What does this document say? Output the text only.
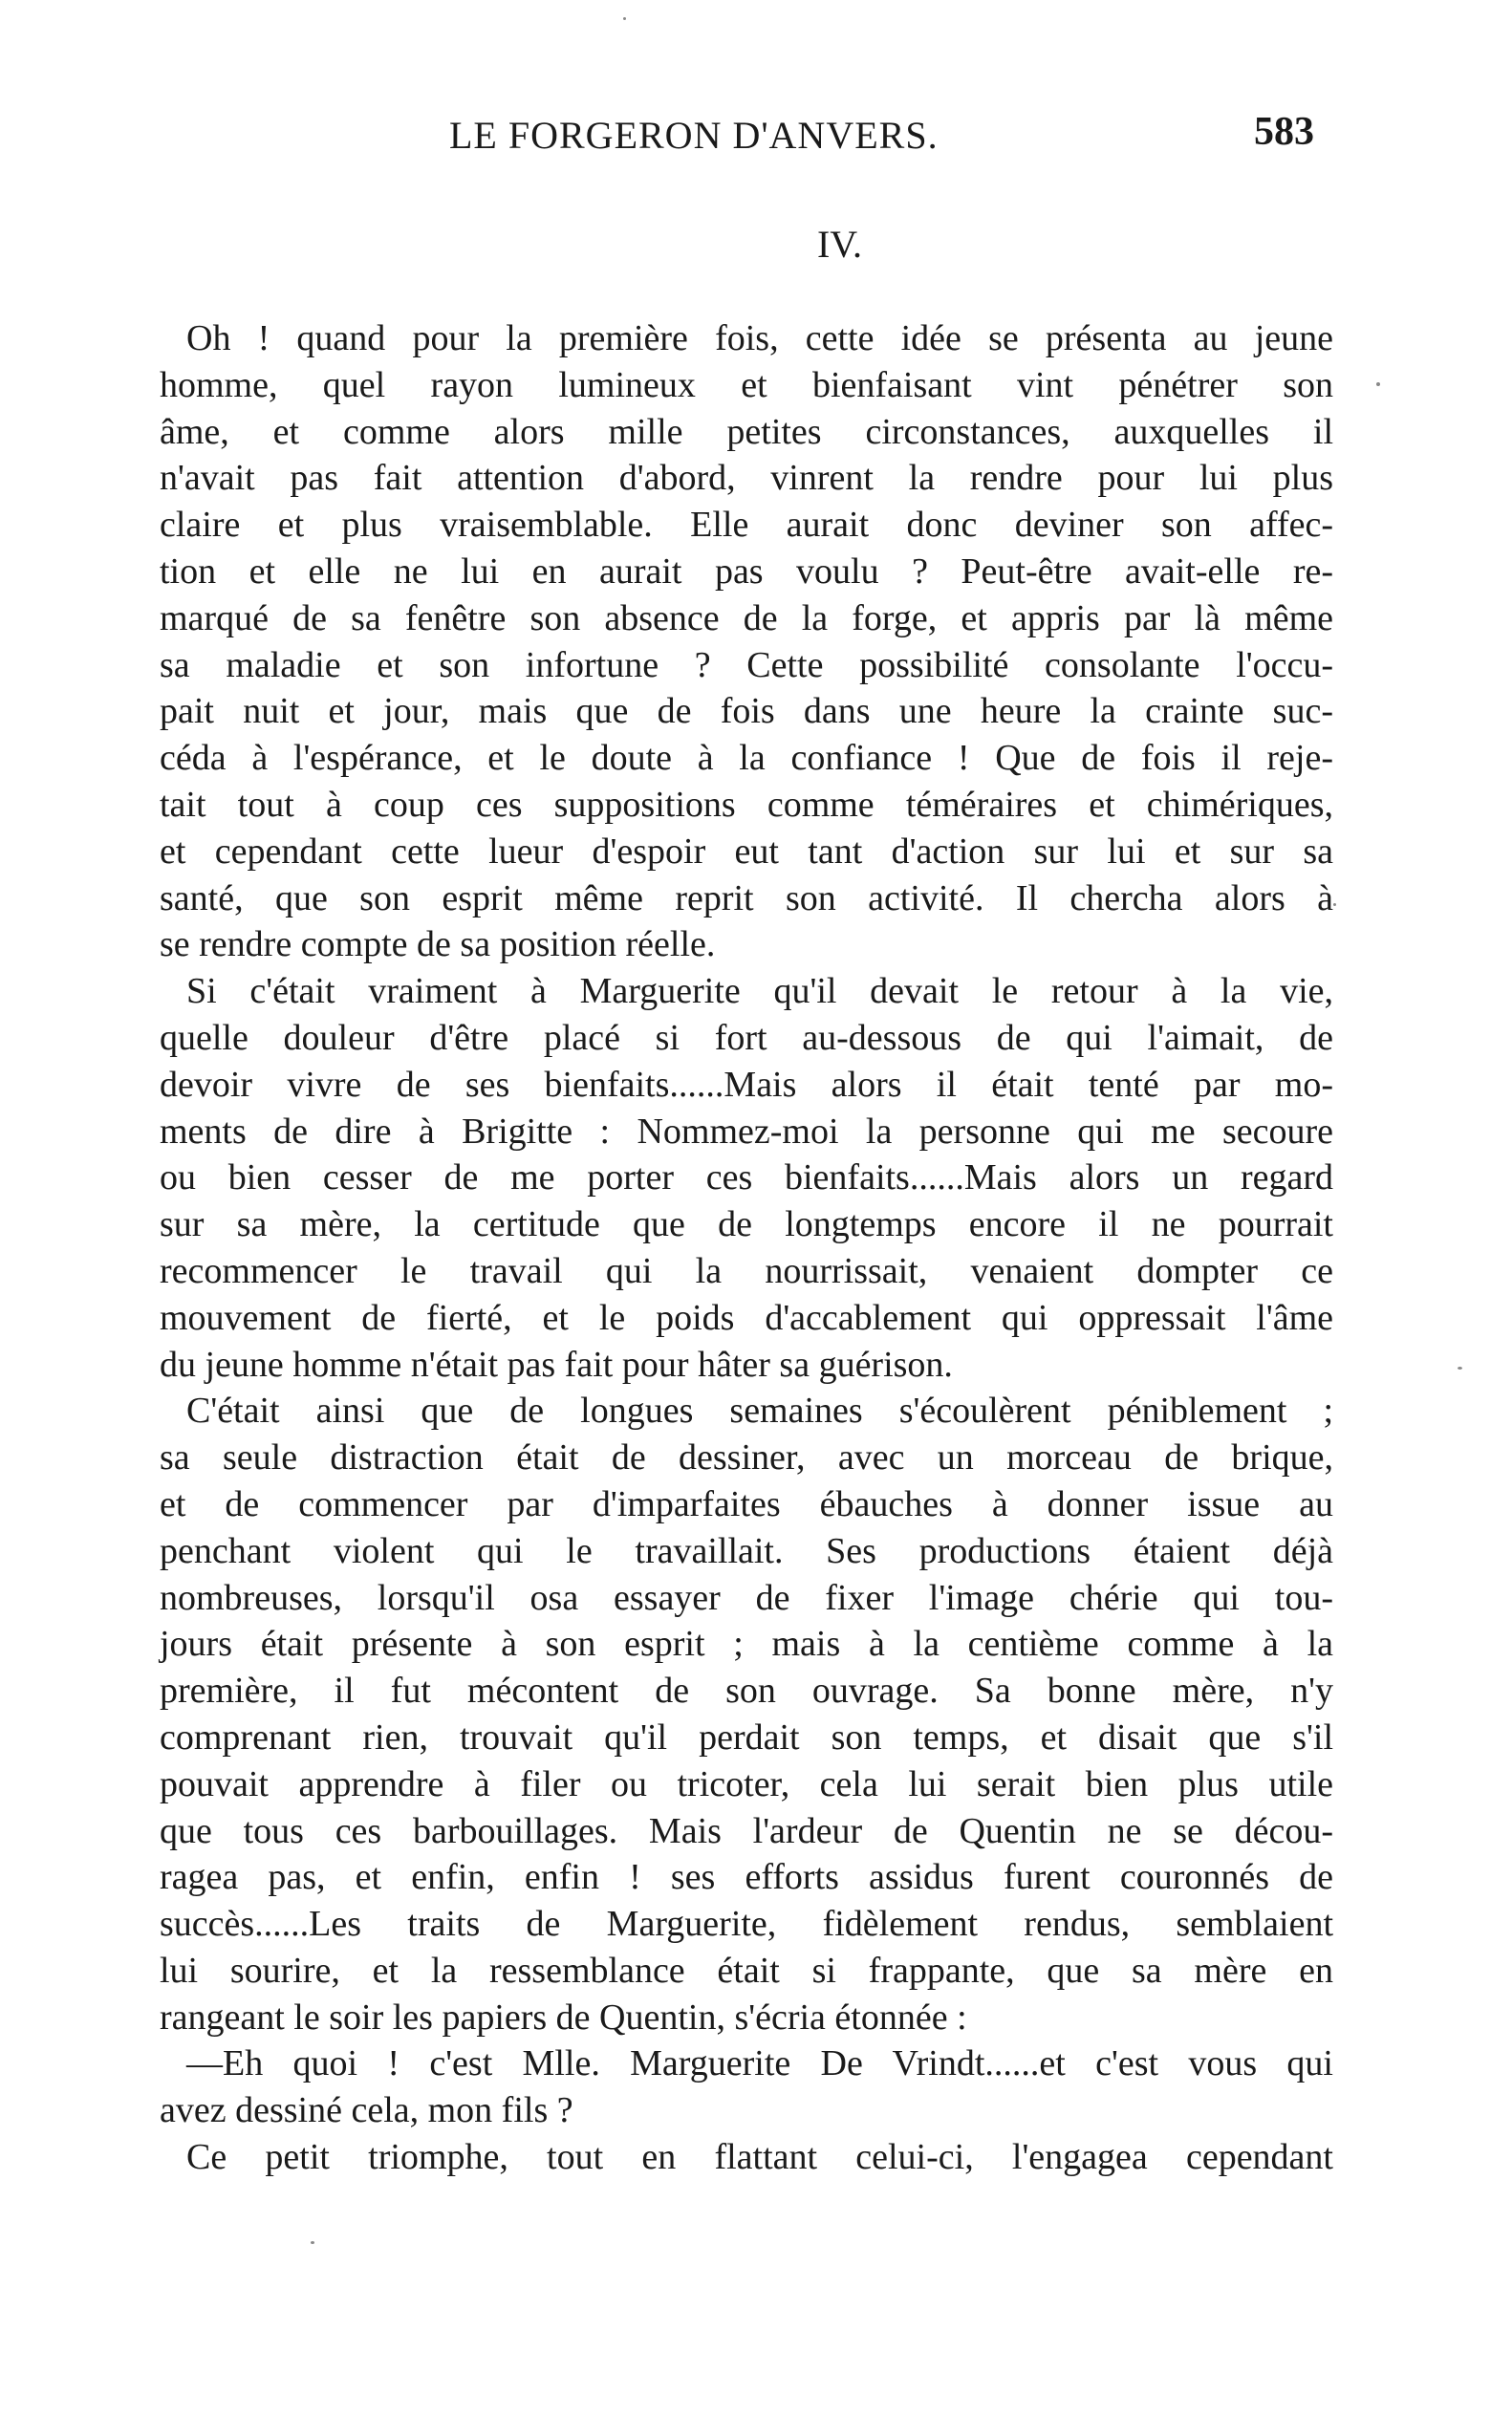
LE FORGERON D'ANVERS.	583
IV.
Oh ! quand pour la première fois, cette idée se présenta au jeune
homme, quel rayon lumineux et bienfaisant vint pénétrer son
âme, et comme alors mille petites circonstances, auxquelles il
n'avait pas fait attention d'abord, vinrent la rendre pour lui plus
claire et plus vraisemblable. Elle aurait donc deviner son affec-
tion et elle ne lui en aurait pas voulu ? Peut-être avait-elle re-
marqué de sa fenêtre son absence de la forge, et appris par là même
sa maladie et son infortune ? Cette possibilité consolante l'occu-
pait nuit et jour, mais que de fois dans une heure la crainte suc-
céda à l'espérance, et le doute à la confiance ! Que de fois il reje-
tait tout à coup ces suppositions comme téméraires et chimériques,
et cependant cette lueur d'espoir eut tant d'action sur lui et sur sa
santé, que son esprit même reprit son activité. Il chercha alors à
se rendre compte de sa position réelle.
Si c'était vraiment à Marguerite qu'il devait le retour à la vie,
quelle douleur d'être placé si fort au-dessous de qui l'aimait, de
devoir vivre de ses bienfaits......Mais alors il était tenté par mo-
ments de dire à Brigitte : Nommez-moi la personne qui me secoure
ou bien cesser de me porter ces bienfaits......Mais alors un regard
sur sa mère, la certitude que de longtemps encore il ne pourrait
recommencer le travail qui la nourrissait, venaient dompter ce
mouvement de fierté, et le poids d'accablement qui oppressait l'âme
du jeune homme n'était pas fait pour hâter sa guérison.
C'était ainsi que de longues semaines s'écoulèrent péniblement ;
sa seule distraction était de dessiner, avec un morceau de brique,
et de commencer par d'imparfaites ébauches à donner issue au
penchant violent qui le travaillait. Ses productions étaient déjà
nombreuses, lorsqu'il osa essayer de fixer l'image chérie qui tou-
jours était présente à son esprit ; mais à la centième comme à la
première, il fut mécontent de son ouvrage. Sa bonne mère, n'y
comprenant rien, trouvait qu'il perdait son temps, et disait que s'il
pouvait apprendre à filer ou tricoter, cela lui serait bien plus utile
que tous ces barbouillages. Mais l'ardeur de Quentin ne se décou-
ragea pas, et enfin, enfin ! ses efforts assidus furent couronnés de
succès......Les traits de Marguerite, fidèlement rendus, semblaient
lui sourire, et la ressemblance était si frappante, que sa mère en
rangeant le soir les papiers de Quentin, s'écria étonnée :
—Eh quoi ! c'est Mlle. Marguerite De Vrindt......et c'est vous qui
avez dessiné cela, mon fils ?
Ce petit triomphe, tout en flattant celui-ci, l'engagea cependant
